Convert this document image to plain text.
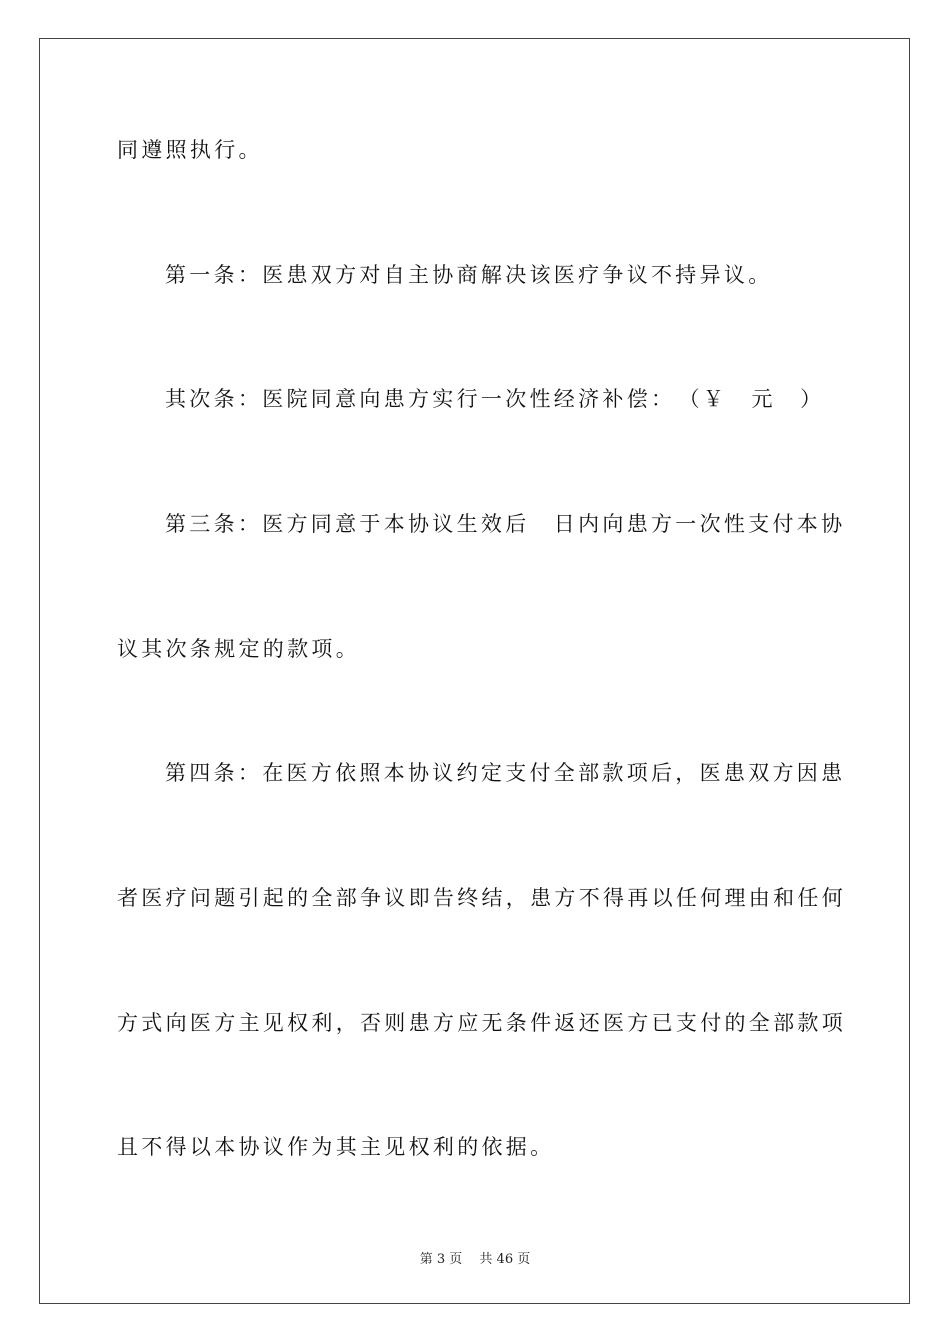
同遵照执行。

第一条：医患双方对自主协商解决该医疗争议不持异议。

其次条：医院同意向患方实行一次性经济补偿：　（￥　元　）

第三条：医方同意于本协议生效后　日内向患方一次性支付本协

议其次条规定的款项。

第四条：在医方依照本协议约定支付全部款项后，医患双方因患

者医疗问题引起的全部争议即告终结，患方不得再以任何理由和任何

方式向医方主见权利，否则患方应无条件返还医方已支付的全部款项

且不得以本协议作为其主见权利的依据。

第 3 页　 共 46 页
